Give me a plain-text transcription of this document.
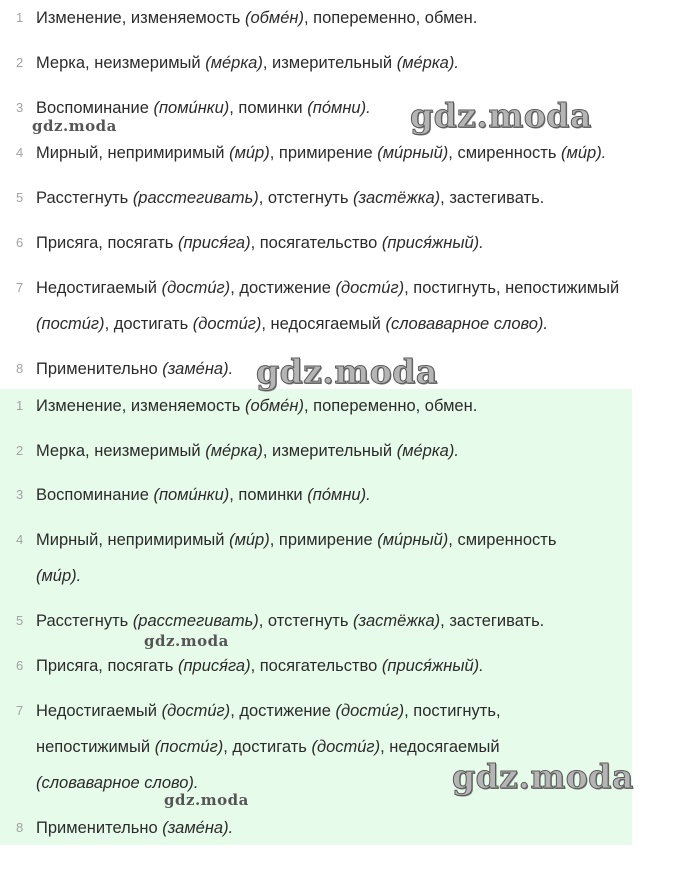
1 Изменение, изменяемость (обме́н), попеременно, обмен.
2 Мерка, неизмеримый (ме́рка), измерительный (ме́рка).
3 Воспоминание (поми́нки), поминки (по́мни).
4 Мирный, непримиримый (ми́р), примирение (ми́рный), смиренность (ми́р).
5 Расстегнуть (расстегивать), отстегнуть (застёжка), застегивать.
6 Присяга, посягать (прися́га), посягательство (прися́жный).
7 Недостигаемый (дости́г), достижение (дости́г), постигнуть, непостижимый
(пости́г), достигать (дости́г), недосягаемый (словаварное слово).
8 Применительно (заме́на).
1 Изменение, изменяемость (обме́н), попеременно, обмен.
2 Мерка, неизмеримый (ме́рка), измерительный (ме́рка).
3 Воспоминание (поми́нки), поминки (по́мни).
4 Мирный, непримиримый (ми́р), примирение (ми́рный), смиренность
(ми́р).
5 Расстегнуть (расстегивать), отстегнуть (застёжка), застегивать.
6 Присяга, посягать (прися́га), посягательство (прися́жный).
7 Недостигаемый (дости́г), достижение (дости́г), постигнуть,
непостижимый (пости́г), достигать (дости́г), недосягаемый
(словаварное слово).
8 Применительно (заме́на).
gdz.moda
gdz.moda
gdz.moda
gdz.moda
gdz.moda
gdz.moda
